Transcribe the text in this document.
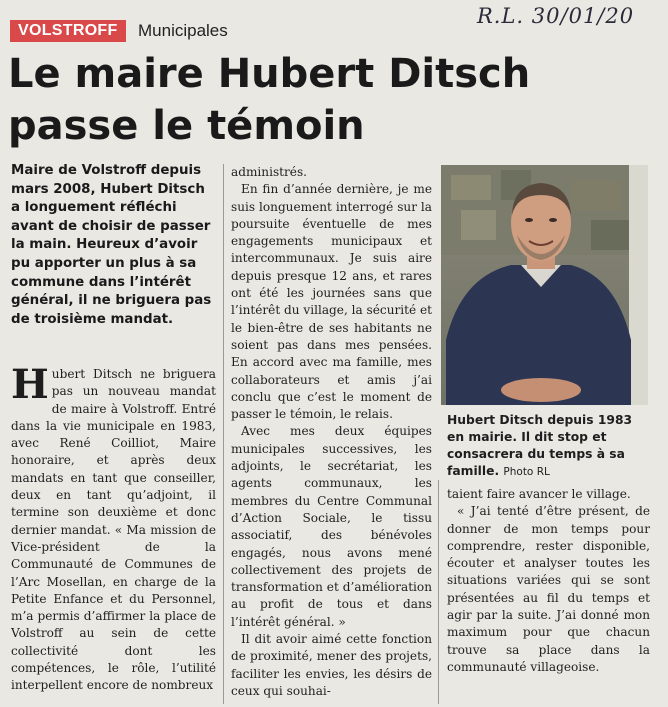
VOLSTROFF	Municipales
R.L. 30/01/20
Le maire Hubert Ditsch passe le témoin

Maire de Volstroff depuis mars 2008, Hubert Ditsch a longuement réfléchi avant de choisir de passer la main. Heureux d’avoir pu apporter un plus à sa commune dans l’intérêt général, il ne briguera pas de troisième mandat.

Hubert Ditsch ne briguera pas un nouveau mandat de maire à Volstroff. Entré dans la vie municipale en 1983, avec René Coilliot, Maire honoraire, et après deux mandats en tant que conseiller, deux en tant qu’adjoint, il termine son deuxième et donc dernier mandat. « Ma mission de Vice-président de la Communauté de Communes de l’Arc Mosellan, en charge de la Petite Enfance et du Personnel, m’a permis d’affirmer la place de Volstroff au sein de cette collectivité dont les compétences, le rôle, l’utilité interpellent encore de nombreux

administrés.

En fin d’année dernière, je me suis longuement interrogé sur la poursuite éventuelle de mes engagements municipaux et intercommunaux. Je suis aire depuis presque 12 ans, et rares ont été les journées sans que l’intérêt du village, la sécurité et le bien-être de ses habitants ne soient pas dans mes pensées. En accord avec ma famille, mes collaborateurs et amis j’ai conclu que c’est le moment de passer le témoin, le relais.

Avec mes deux équipes municipales successives, les adjoints, le secrétariat, les agents communaux, les membres du Centre Communal d’Action Sociale, le tissu associatif, des bénévoles engagés, nous avons mené collectivement des projets de transformation et d’amélioration au profit de tous et dans l’intérêt général. »

Il dit avoir aimé cette fonction de proximité, mener des projets, faciliter les envies, les désirs de ceux qui souhai-

Hubert Ditsch depuis 1983 en mairie. Il dit stop et consacrera du temps à sa famille. Photo RL

taient faire avancer le village.

« J’ai tenté d’être présent, de donner de mon temps pour comprendre, rester disponible, écouter et analyser toutes les situations variées qui se sont présentées au fil du temps et agir par la suite. J’ai donné mon maximum pour que chacun trouve sa place dans la communauté villageoise.
